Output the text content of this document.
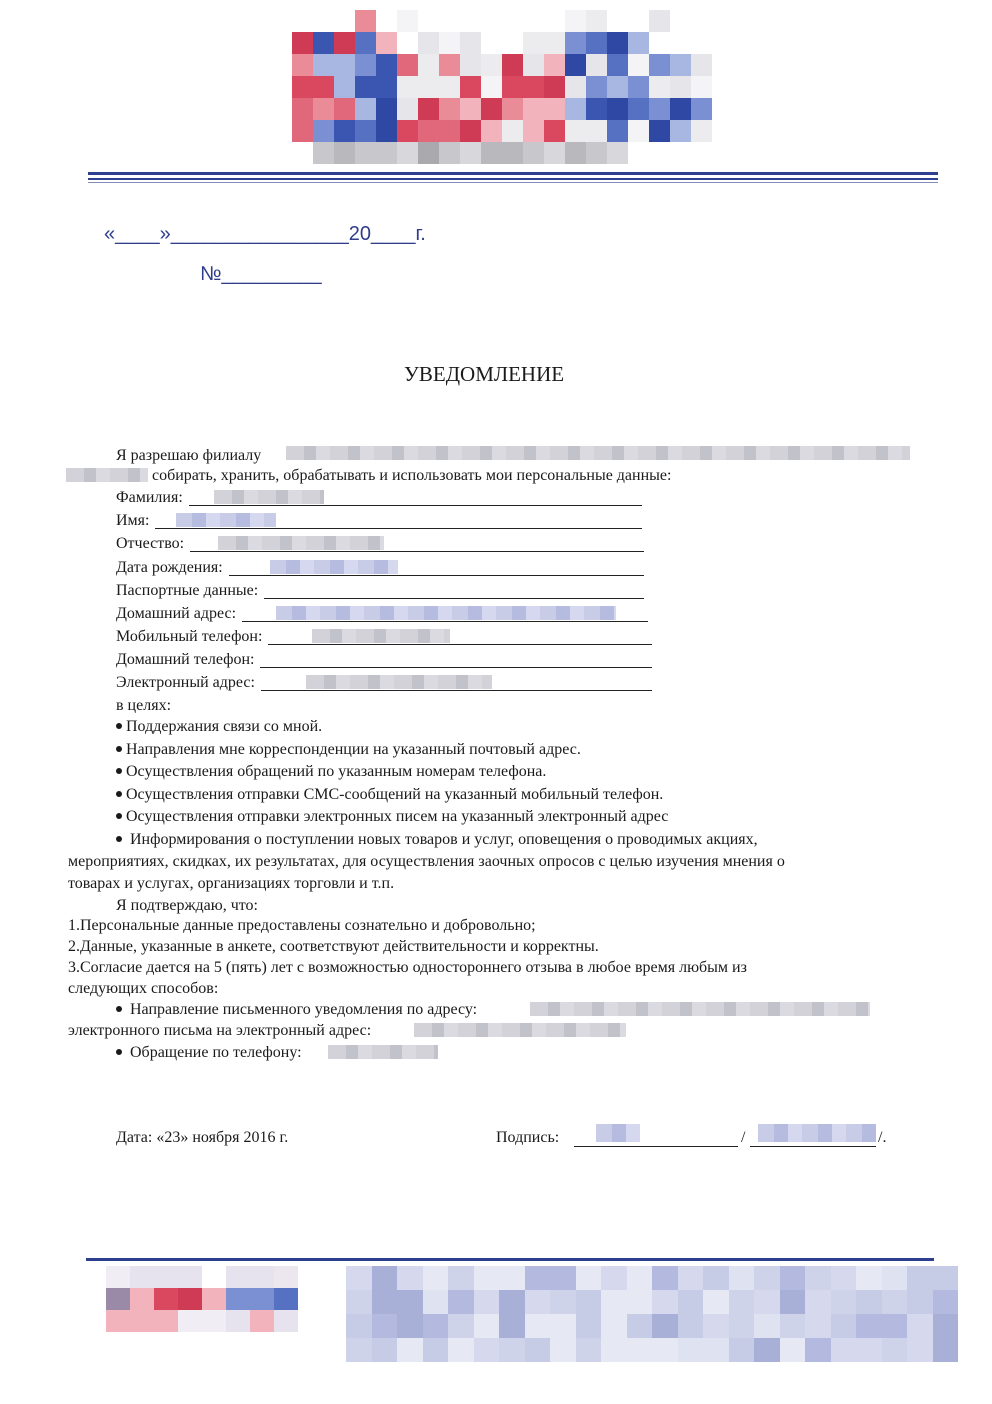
«____»________________20____г.
№_________
УВЕДОМЛЕНИЕ
Я разрешаю филиалу
собирать, хранить, обрабатывать и использовать мои персональные данные:
Фамилия:
Имя:
Отчество:
Дата рождения:
Паспортные данные:
Домашний адрес:
Мобильный телефон:
Домашний телефон:
Электронный адрес:
в целях:
Поддержания связи со мной.
Направления мне корреспонденции на указанный почтовый адрес.
Осуществления обращений по указанным номерам телефона.
Осуществления отправки СМС-сообщений на указанный мобильный телефон.
Осуществления отправки электронных писем на указанный электронный адрес
Информирования о поступлении новых товаров и услуг, оповещения о проводимых акциях,
мероприятиях, скидках, их результатах, для осуществления заочных опросов с целью изучения мнения о
товарах и услугах, организациях торговли и т.п.
Я подтверждаю, что:
1.Персональные данные предоставлены сознательно и добровольно;
2.Данные, указанные в анкете, соответствуют действительности и корректны.
3.Согласие дается на 5 (пять) лет с возможностью одностороннего отзыва в любое время любым из
следующих способов:
Направление письменного уведомления по адресу:
электронного письма на электронный адрес:
Обращение по телефону:
Дата: «23» ноября 2016 г.	Подпись:	/	/.
